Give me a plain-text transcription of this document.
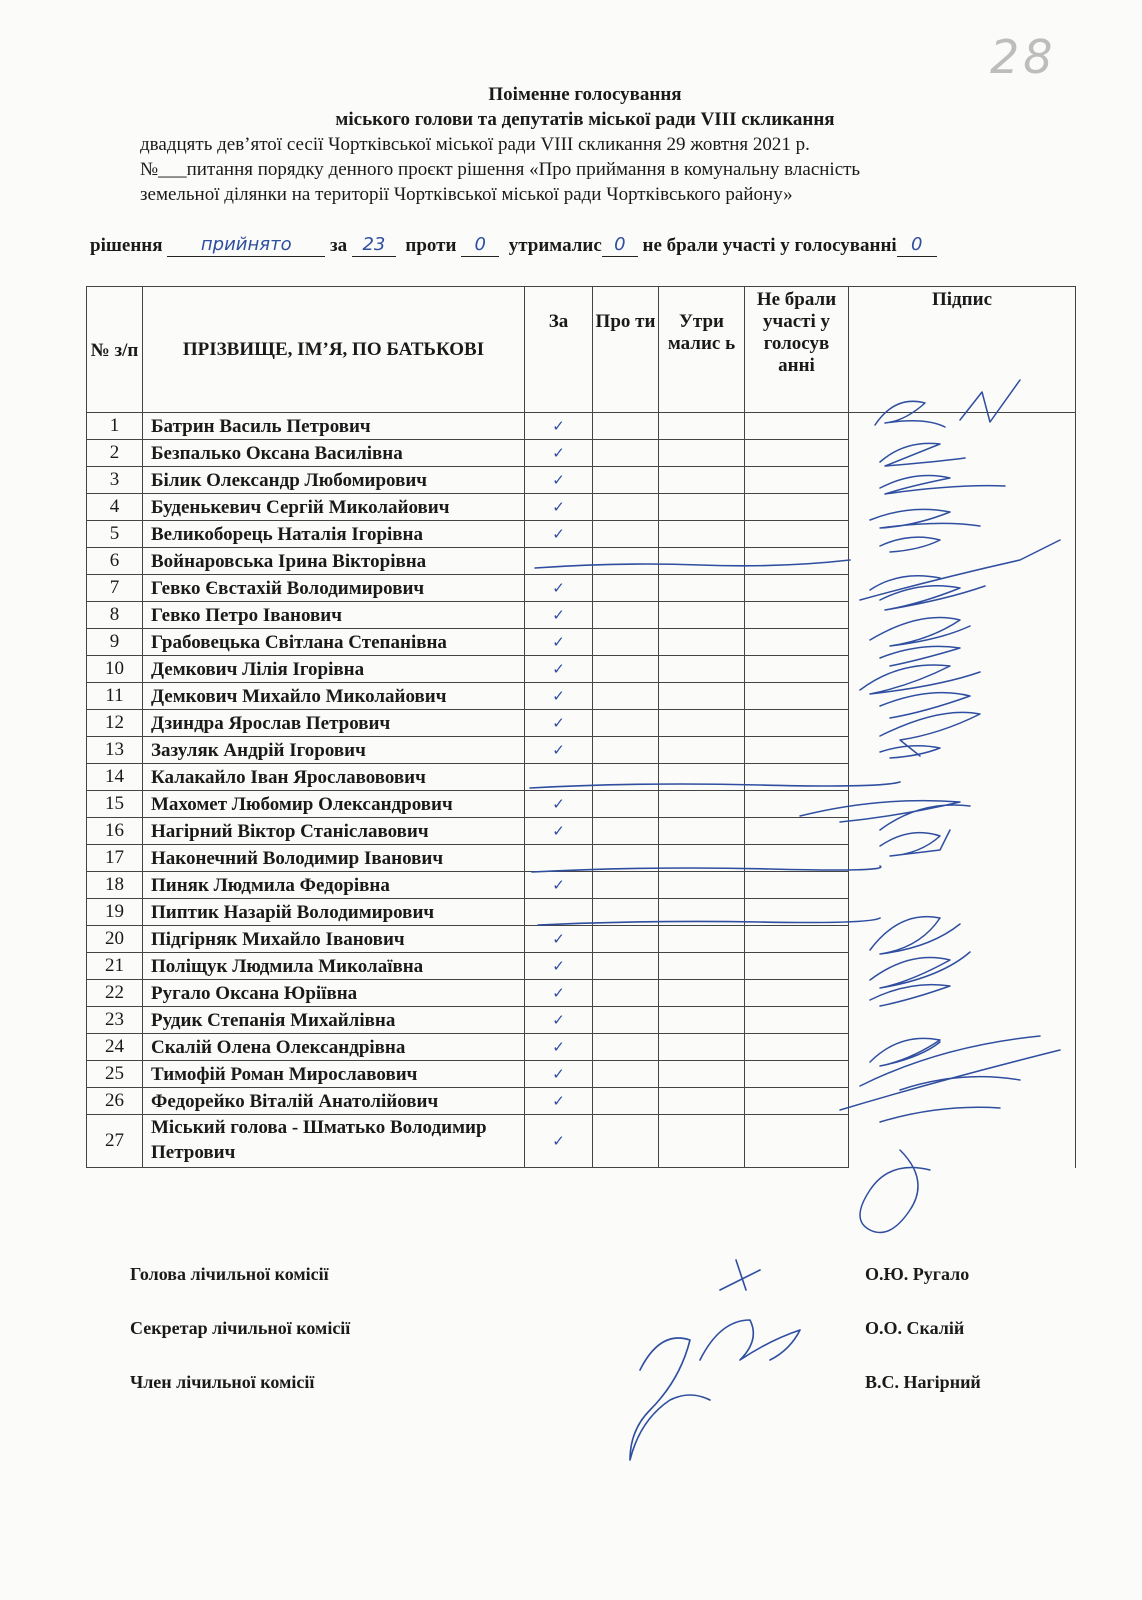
28
Поіменне голосування
міського голови та депутатів міської ради VIII скликання
двадцять дев’ятої сесії Чортківської міської ради VIII скликання 29 жовтня 2021 р.
№___питання порядку денного проєкт рішення «Про приймання в комунальну власність
земельної ділянки на території Чортківської міської ради Чортківського району»
рішення прийнято за 23 проти 0 утрималис 0 не брали участі у голосуванні 0
№ з/п	ПРІЗВИЩЕ, ІМ’Я, ПО БАТЬКОВІ	За	Про ти	Утри малис ь	Не брали участі у голосув анні	Підпис
1	Батрин Василь Петрович	✓				
2	Безпалько Оксана Василівна	✓				
3	Білик Олександр Любомирович	✓				
4	Буденькевич Сергій Миколайович	✓				
5	Великоборець Наталія Ігорівна	✓				
6	Войнаровська Ірина Вікторівна					
7	Гевко Євстахій Володимирович	✓				
8	Гевко Петро Іванович	✓				
9	Грабовецька Світлана Степанівна	✓				
10	Демкович Лілія Ігорівна	✓				
11	Демкович Михайло Миколайович	✓				
12	Дзиндра Ярослав Петрович	✓				
13	Зазуляк Андрій Ігорович	✓				
14	Калакайло Іван Ярославовович					
15	Махомет Любомир Олександрович	✓				
16	Нагірний Віктор Станіславович	✓				
17	Наконечний Володимир Іванович					
18	Пиняк Людмила Федорівна	✓				
19	Пиптик Назарій Володимирович					
20	Підгірняк Михайло Іванович	✓				
21	Поліщук Людмила Миколаївна	✓				
22	Ругало Оксана Юріївна	✓				
23	Рудик Степанія Михайлівна	✓				
24	Скалій Олена Олександрівна	✓				
25	Тимофій Роман Мирославович	✓				
26	Федорейко Віталій Анатолійович	✓				
27	Міський голова - Шматько Володимир Петрович	✓				
Голова лічильної комісії	О.Ю. Ругало
Секретар лічильної комісії	О.О. Скалій
Член лічильної комісії	В.С. Нагірний
